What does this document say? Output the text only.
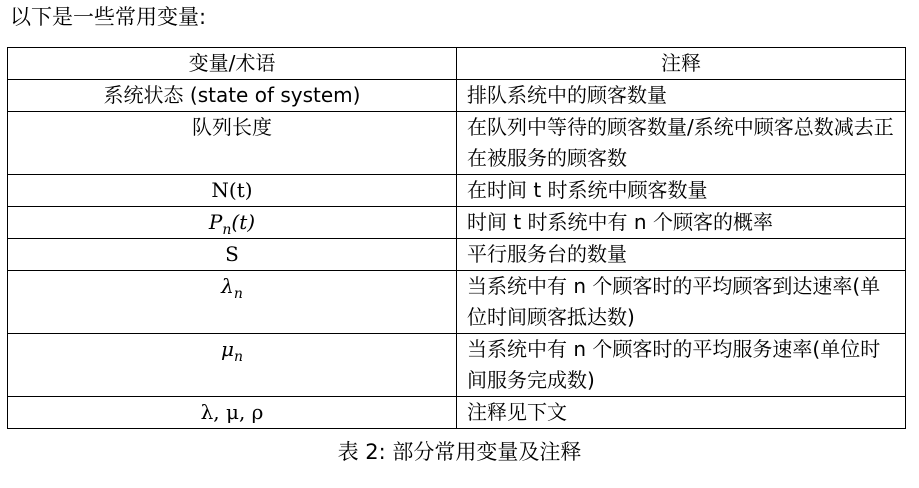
以下是一些常用变量:
变量/术语	注释
系统状态 (state of system)	排队系统中的顾客数量
队列长度	在队列中等待的顾客数量/系统中顾客总数减去正在被服务的顾客数
N(t)	在时间 t 时系统中顾客数量
$P_n(t)$	时间 t 时系统中有 n 个顾客的概率
S	平行服务台的数量
$\lambda_n$	当系统中有 n 个顾客时的平均顾客到达速率(单位时间顾客抵达数)
$\mu_n$	当系统中有 n 个顾客时的平均服务速率(单位时间服务完成数)
λ, μ, ρ	注释见下文
表 2: 部分常用变量及注释
